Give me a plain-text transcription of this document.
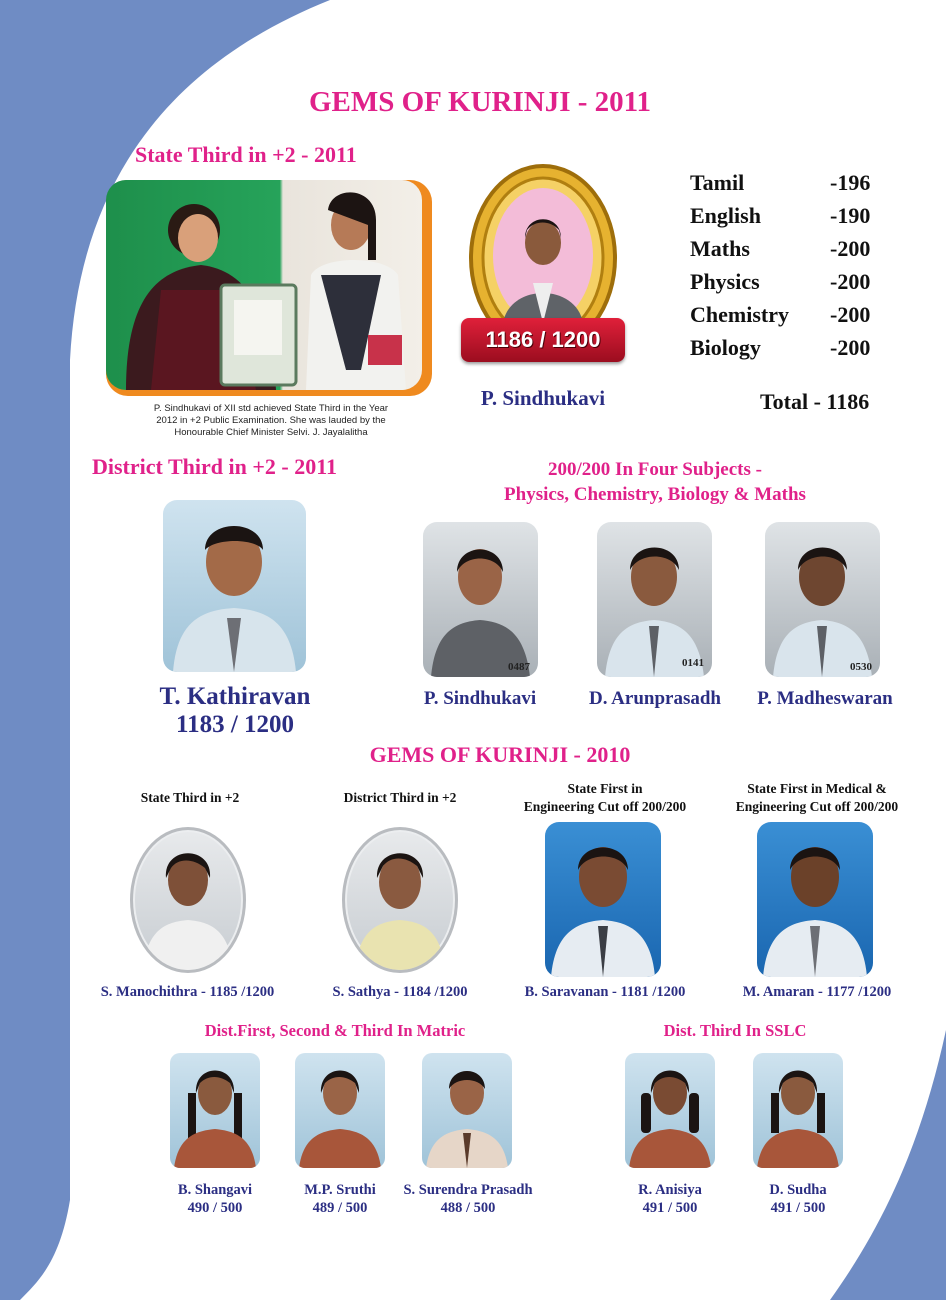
GEMS OF KURINJI - 2011
State Third in +2 - 2011
P. Sindhukavi of XII std achieved State Third in the Year
2012 in +2 Public Examination. She was lauded by the
Honourable Chief Minister Selvi. J. Jayalalitha
1186 / 1200
P. Sindhukavi
Tamil	-196
English	-190
Maths	-200
Physics	-200
Chemistry	-200
Biology	-200
Total - 1186
District Third in +2 - 2011
T. Kathiravan
1183 / 1200
200/200 In Four Subjects -
Physics, Chemistry, Biology & Maths
0487	0141	0530
P. Sindhukavi	D. Arunprasadh	P. Madheswaran
GEMS OF KURINJI - 2010
State Third in +2	District Third in +2
State First in
Engineering Cut off 200/200
State First in Medical &
Engineering Cut off 200/200
S. Manochithra - 1185 /1200	S. Sathya - 1184 /1200	B. Saravanan - 1181 /1200	M. Amaran - 1177 /1200
Dist.First, Second & Third In Matric
B. Shangavi
490 / 500
M.P. Sruthi
489 / 500
S. Surendra Prasadh
488 / 500
Dist. Third In SSLC
R. Anisiya
491 / 500
D. Sudha
491 / 500
